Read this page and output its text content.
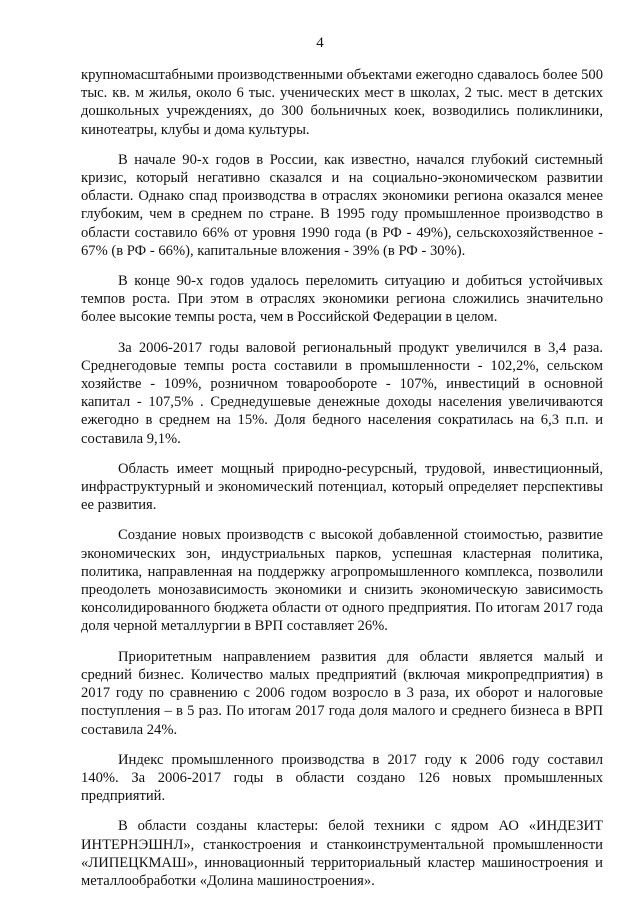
4

крупномасштабными производственными объектами ежегодно сдавалось более 500 тыс. кв. м жилья, около 6 тыс. ученических мест в школах, 2 тыс. мест в детских дошкольных учреждениях, до 300 больничных коек, возводились поликлиники, кинотеатры, клубы и дома культуры.

В начале 90-х годов в России, как известно, начался глубокий системный кризис, который негативно сказался и на социально-экономическом развитии области. Однако спад производства в отраслях экономики региона оказался менее глубоким, чем в среднем по стране. В 1995 году промышленное производство в области составило 66% от уровня 1990 года (в РФ - 49%), сельскохозяйственное - 67% (в РФ - 66%), капитальные вложения - 39% (в РФ - 30%).

В конце 90-х годов удалось переломить ситуацию и добиться устойчивых темпов роста. При этом в отраслях экономики региона сложились значительно более высокие темпы роста, чем в Российской Федерации в целом.

За 2006-2017 годы валовой региональный продукт увеличился в 3,4 раза. Среднегодовые темпы роста составили в промышленности - 102,2%, сельском хозяйстве - 109%, розничном товарообороте - 107%, инвестиций в основной капитал - 107,5% . Среднедушевые денежные доходы населения увеличиваются ежегодно в среднем на 15%. Доля бедного населения сократилась на 6,3 п.п. и составила 9,1%.

Область имеет мощный природно-ресурсный, трудовой, инвестиционный, инфраструктурный и экономический потенциал, который определяет перспективы ее развития.

Создание новых производств с высокой добавленной стоимостью, развитие экономических зон, индустриальных парков, успешная кластерная политика, политика, направленная на поддержку агропромышленного комплекса, позволили преодолеть монозависимость экономики и снизить экономическую зависимость консолидированного бюджета области от одного предприятия. По итогам 2017 года доля черной металлургии в ВРП составляет 26%.

Приоритетным направлением развития для области является малый и средний бизнес. Количество малых предприятий (включая микропредприятия) в 2017 году по сравнению с 2006 годом возросло в 3 раза, их оборот и налоговые поступления – в 5 раз. По итогам 2017 года доля малого и среднего бизнеса в ВРП составила 24%.

Индекс промышленного производства в 2017 году к 2006 году составил 140%. За 2006-2017 годы в области создано 126 новых промышленных предприятий.

В области созданы кластеры: белой техники с ядром АО «ИНДЕЗИТ ИНТЕРНЭШНЛ», станкостроения и станкоинструментальной промышленности «ЛИПЕЦКМАШ», инновационный территориальный кластер машиностроения и металлообработки «Долина машиностроения».
